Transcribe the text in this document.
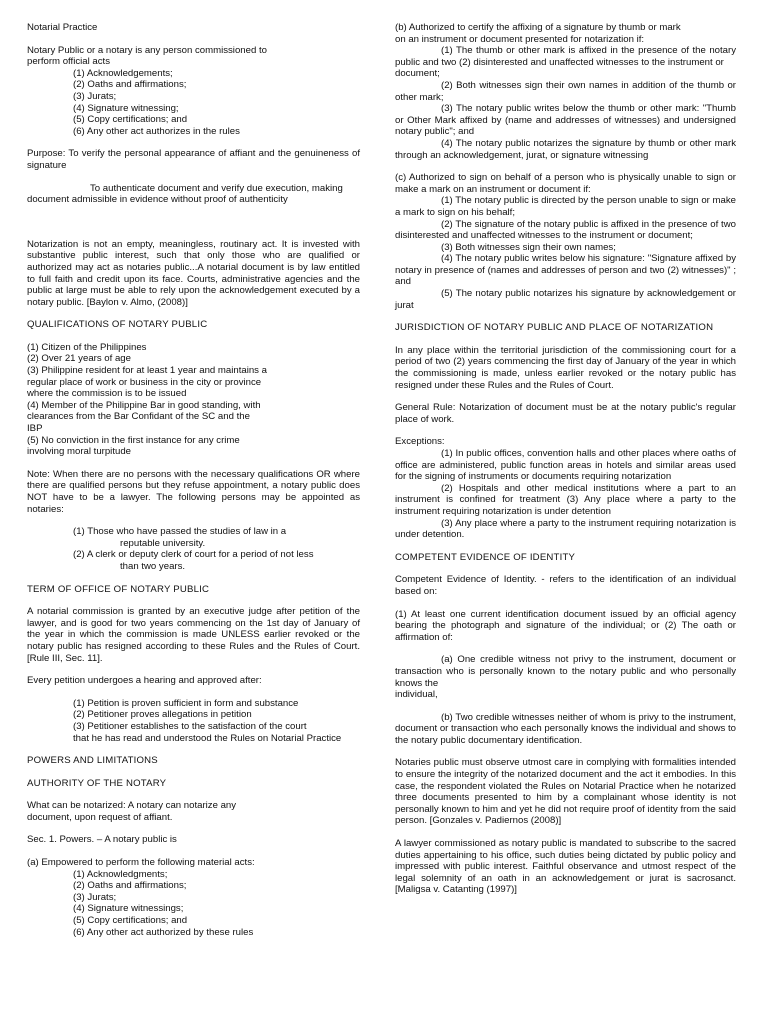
Notarial Practice

Notary Public or a notary is any person commissioned to

perform official acts

(1) Acknowledgements;

(2) Oaths and affirmations;

(3) Jurats;

(4) Signature witnessing;

(5) Copy certifications; and

(6) Any other act authorizes in the rules

Purpose: To verify the personal appearance of affiant and the genuineness of signature

To authenticate document and verify due execution, making document admissible in evidence without proof of authenticity

Notarization is not an empty, meaningless, routinary act. It is invested with substantive public interest, such that only those who are qualified or authorized may act as notaries public...A notarial document is by law entitled to full faith and credit upon its face. Courts, administrative agencies and the public at large must be able to rely upon the acknowledgement executed by a notary public. [Baylon v. Almo, (2008)]

QUALIFICATIONS OF NOTARY PUBLIC

(1) Citizen of the Philippines

(2) Over 21 years of age

(3) Philippine resident for at least 1 year and maintains a

regular place of work or business in the city or province

where the commission is to be issued

(4) Member of the Philippine Bar in good standing, with

clearances from the Bar Confidant of the SC and the

IBP

(5) No conviction in the first instance for any crime

involving moral turpitude

Note: When there are no persons with the necessary qualifications OR where there are qualified persons but they refuse appointment, a notary public does NOT have to be a lawyer. The following persons may be appointed as notaries:

(1) Those who have passed the studies of law in a

reputable university.

(2) A clerk or deputy clerk of court for a period of not less

than two years.

TERM OF OFFICE OF NOTARY PUBLIC

A notarial commission is granted by an executive judge after petition of the lawyer, and is good for two years commencing on the 1st day of January of the year in which the commission is made UNLESS earlier revoked or the notary public has resigned according to these Rules and the Rules of Court. [Rule III, Sec. 11].

Every petition undergoes a hearing and approved after:

(1) Petition is proven sufficient in form and substance

(2) Petitioner proves allegations in petition

(3) Petitioner establishes to the satisfaction of the court

that he has read and understood the Rules on Notarial Practice

POWERS AND LIMITATIONS

AUTHORITY OF THE NOTARY

What can be notarized: A notary can notarize any

document, upon request of affiant.

Sec. 1. Powers. – A notary public is

(a) Empowered to perform the following material acts:

(1) Acknowledgments;

(2) Oaths and affirmations;

(3) Jurats;

(4) Signature witnessings;

(5) Copy certifications; and

(6) Any other act authorized by these rules

(b) Authorized to certify the affixing of a signature by thumb or mark

on an instrument or document presented for notarization if:

(1) The thumb or other mark is affixed in the presence of the notary public and two (2) disinterested and unaffected witnesses to the instrument or

document;

(2) Both witnesses sign their own names in addition of the thumb or other mark;

(3) The notary public writes below the thumb or other mark: "Thumb or Other Mark affixed by (name and addresses of witnesses) and undersigned notary public"; and

(4) The notary public notarizes the signature by thumb or other mark through an acknowledgement, jurat, or signature witnessing

(c) Authorized to sign on behalf of a person who is physically unable to sign or make a mark on an instrument or document if:

(1) The notary public is directed by the person unable to sign or make a mark to sign on his behalf;

(2) The signature of the notary public is affixed in the presence of two disinterested and unaffected witnesses to the instrument or document;

(3) Both witnesses sign their own names;

(4) The notary public writes below his signature: "Signature affixed by notary in presence of (names and addresses of person and two (2) witnesses)" ; and

(5) The notary public notarizes his signature by acknowledgement or jurat

JURISDICTION OF NOTARY PUBLIC AND PLACE OF NOTARIZATION

In any place within the territorial jurisdiction of the commissioning court for a period of two (2) years commencing the first day of January of the year in which the commissioning is made, unless earlier revoked or the notary public has resigned under these Rules and the Rules of Court.

General Rule: Notarization of document must be at the notary public's regular place of work.

Exceptions:

(1) In public offices, convention halls and other places where oaths of office are administered, public function areas in hotels and similar areas used for the signing of instruments or documents requiring notarization

(2) Hospitals and other medical institutions where a part to an instrument is confined for treatment (3) Any place where a party to the instrument requiring notarization is under detention

(3) Any place where a party to the instrument requiring notarization is under detention.

COMPETENT EVIDENCE OF IDENTITY

Competent Evidence of Identity. - refers to the identification of an individual based on:

(1) At least one current identification document issued by an official agency bearing the photograph and signature of the individual; or (2) The oath or affirmation of:

(a) One credible witness not privy to the instrument, document or transaction who is personally known to the notary public and who personally knows the

individual,

(b) Two credible witnesses neither of whom is privy to the instrument, document or transaction who each personally knows the individual and shows to the notary public documentary identification.

Notaries public must observe utmost care in complying with formalities intended to ensure the integrity of the notarized document and the act it embodies. In this case, the respondent violated the Rules on Notarial Practice when he notarized three documents presented to him by a complainant whose identity is not personally known to him and yet he did not require proof of identity from the said person. [Gonzales v. Padiernos (2008)]

A lawyer commissioned as notary public is mandated to subscribe to the sacred duties appertaining to his office, such duties being dictated by public policy and impressed with public interest. Faithful observance and utmost respect of the legal solemnity of an oath in an acknowledgement or jurat is sacrosanct. [Maligsa v. Catanting (1997)]
